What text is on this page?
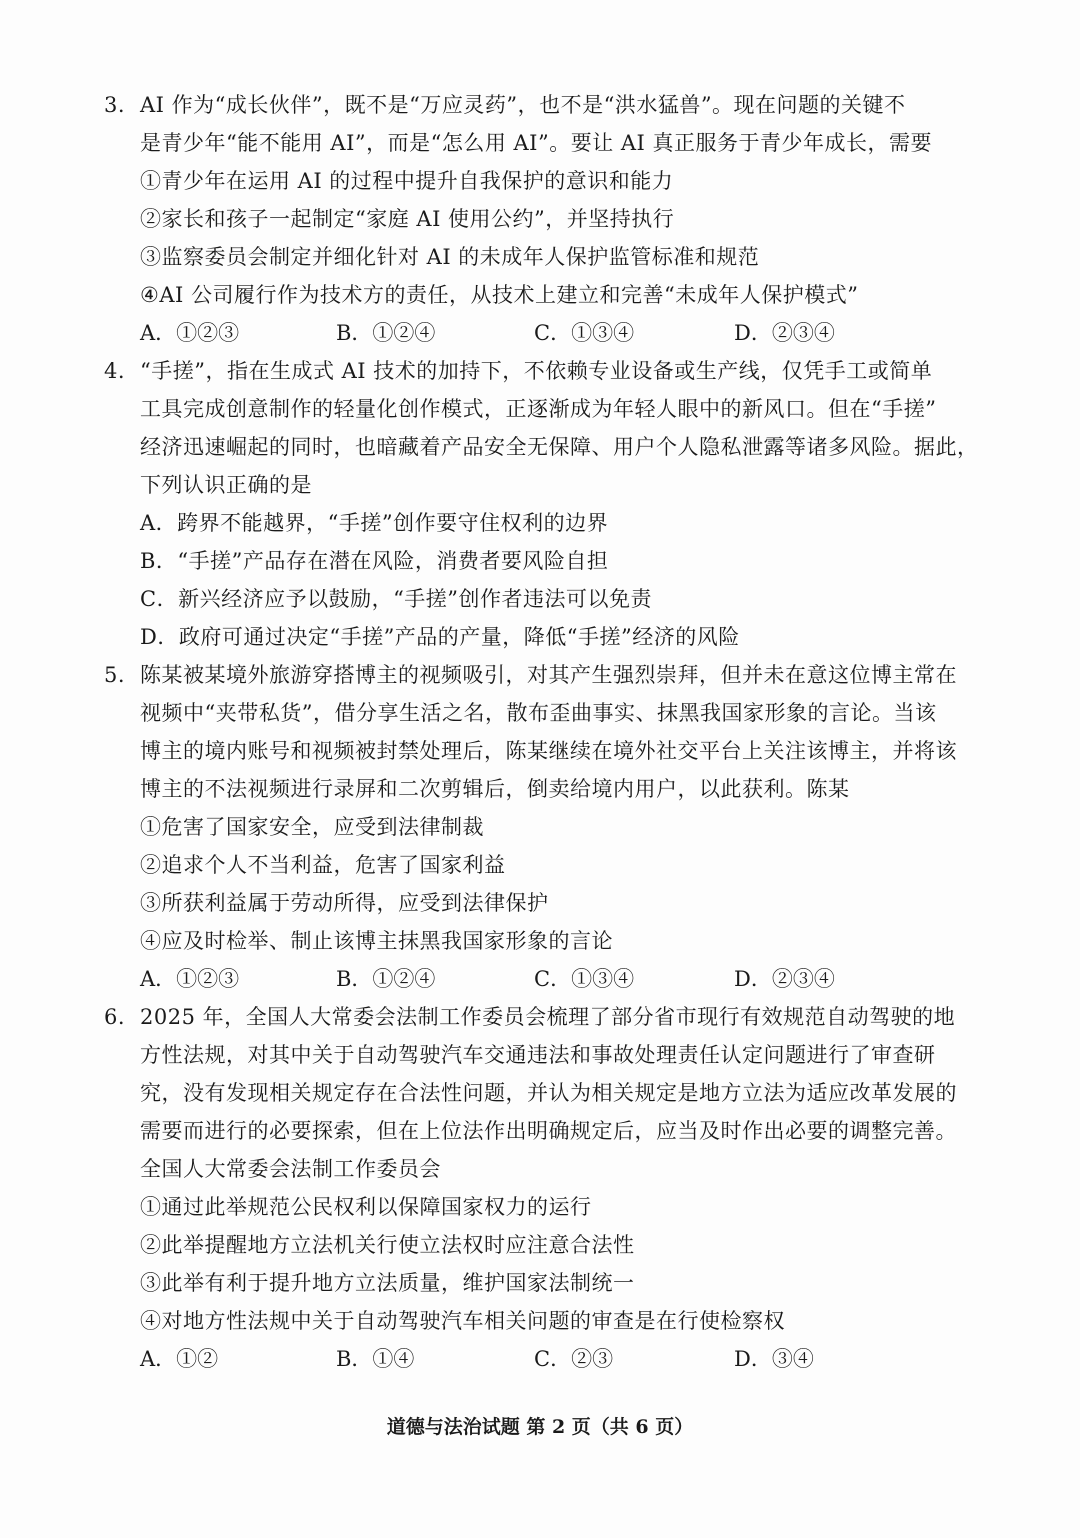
3. AI 作为“成长伙伴”，既不是“万应灵药”，也不是“洪水猛兽”。现在问题的关键不
是青少年“能不能用 AI”，而是“怎么用 AI”。要让 AI 真正服务于青少年成长，需要
①青少年在运用 AI 的过程中提升自我保护的意识和能力
②家长和孩子一起制定“家庭 AI 使用公约”，并坚持执行
③监察委员会制定并细化针对 AI 的未成年人保护监管标准和规范
④AI 公司履行作为技术方的责任，从技术上建立和完善“未成年人保护模式”
A．①②③	B．①②④	C．①③④	D．②③④
4. “手搓”，指在生成式 AI 技术的加持下，不依赖专业设备或生产线，仅凭手工或简单
工具完成创意制作的轻量化创作模式，正逐渐成为年轻人眼中的新风口。但在“手搓”
经济迅速崛起的同时，也暗藏着产品安全无保障、用户个人隐私泄露等诸多风险。据此，
下列认识正确的是
A．跨界不能越界，“手搓”创作要守住权利的边界
B．“手搓”产品存在潜在风险，消费者要风险自担
C．新兴经济应予以鼓励，“手搓”创作者违法可以免责
D．政府可通过决定“手搓”产品的产量，降低“手搓”经济的风险
5. 陈某被某境外旅游穿搭博主的视频吸引，对其产生强烈崇拜，但并未在意这位博主常在
视频中“夹带私货”，借分享生活之名，散布歪曲事实、抹黑我国家形象的言论。当该
博主的境内账号和视频被封禁处理后，陈某继续在境外社交平台上关注该博主，并将该
博主的不法视频进行录屏和二次剪辑后，倒卖给境内用户，以此获利。陈某
①危害了国家安全，应受到法律制裁
②追求个人不当利益，危害了国家利益
③所获利益属于劳动所得，应受到法律保护
④应及时检举、制止该博主抹黑我国家形象的言论
A．①②③	B．①②④	C．①③④	D．②③④
6. 2025 年，全国人大常委会法制工作委员会梳理了部分省市现行有效规范自动驾驶的地
方性法规，对其中关于自动驾驶汽车交通违法和事故处理责任认定问题进行了审查研
究，没有发现相关规定存在合法性问题，并认为相关规定是地方立法为适应改革发展的
需要而进行的必要探索，但在上位法作出明确规定后，应当及时作出必要的调整完善。
全国人大常委会法制工作委员会
①通过此举规范公民权利以保障国家权力的运行
②此举提醒地方立法机关行使立法权时应注意合法性
③此举有利于提升地方立法质量，维护国家法制统一
④对地方性法规中关于自动驾驶汽车相关问题的审查是在行使检察权
A．①②	B．①④	C．②③	D．③④
道德与法治试题 第 2 页（共 6 页）
